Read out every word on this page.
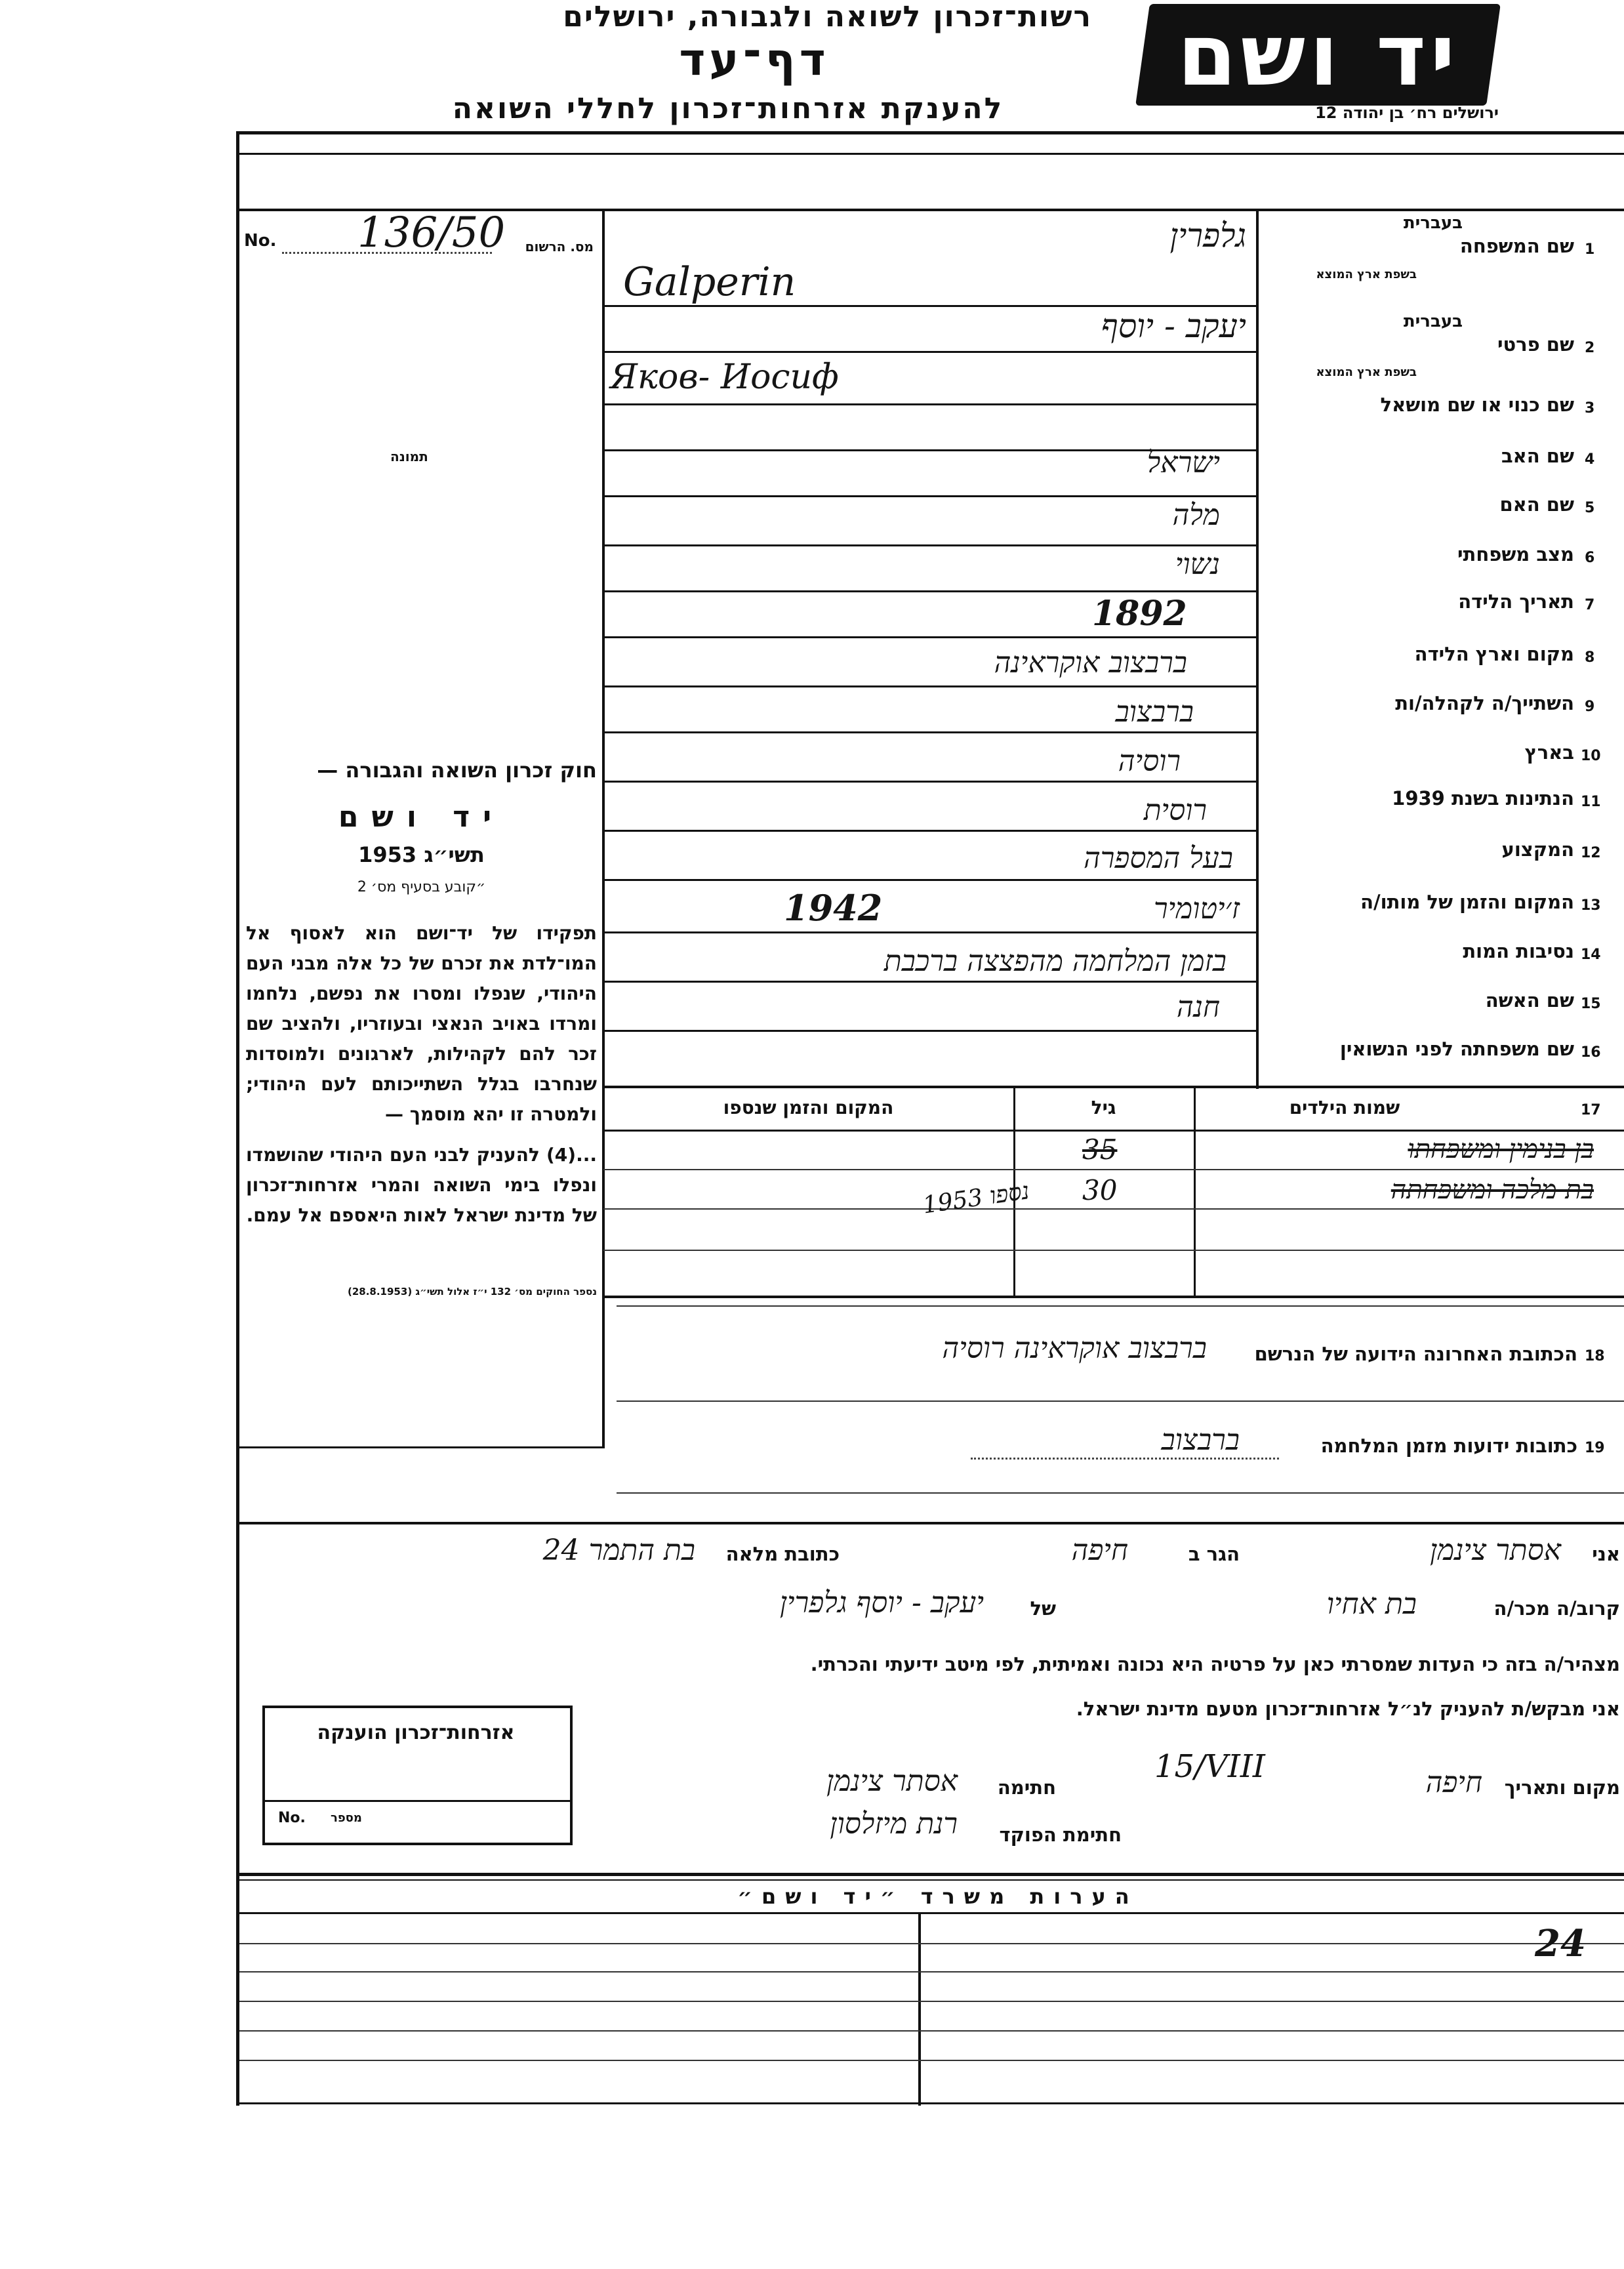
רשות־זכרון לשואה ולגבורה, ירושלים
דף־עד
להענקת אזרחות־זכרון לחללי השואה
יד ושם
ירושלים רח׳ בן יהודה 12
No. 136/50	מס. הרשום
תמונה
חוק זכרון השואה והגבורה —
יד ושם
תשי״ג 1953
״קובע בסעיף מס׳ 2
תפקידו של יד־ושם הוא לאסוף אל המו־לדת את זכרם של כל אלה מבני העם היהודי, שנפלו ומסרו את נפשם, נלחמו ומרדו באויב הנאצי ובעוזריו, ולהציב שם זכר להם לקהילות, לארגונים ולמוסדות שנחרבו בגלל השתייכותם לעם היהודי; ולמטרה זו יהא מוסמך —
...(4) להעניק לבני העם היהודי שהושמדו ונפלו בימי השואה והמרי אזרחות־זכרון של מדינת ישראל לאות היאספם אל עמם.
נספר החוקים מס׳ 132 י״ז אלול תשי״ג (28.8.1953)
1
שם המשפחה
בעברית
בשפת ארץ המוצא
2
שם פרטי
בעברית
בשפת ארץ המוצא
3
שם כנוי או שם מושאל
4
שם האב
5
שם האם
6
מצב משפחתי
7
תאריך הלידה
8
מקום וארץ הלידה
9
השתייך/ה לקהלה/ות
10
בארץ
11
הנתינות בשנת 1939
12
המקצוע
13
המקום והזמן של מותו/ה
14
נסיבות המות
15
שם האשה
16
שם משפחתה לפני הנשואין
גלפרין
Galperin
יעקב - יוסף
Яков- Иосиф
ישראל
מלה
נשוי
1892
ברבצוב אוקראינה
ברבצוב
רוסיה
רוסית
בעל המספרה
ז׳יטומיר
1942
בזמן המלחמה מהפצצה ברכבת
חנה
17
שמות הילדים
גיל
המקום והזמן שנספו
בן בנימין ומשפחתו
35
בת מלכה ומשפחתה
30
נספו 1953
18
הכתובת האחרונה הידועה של הנרשם
ברבצוב אוקראינה רוסיה
19
כתובות ידועות מזמן המלחמה
ברבצוב
אני
אסתר צינמן
הגר ב
חיפה
כתובת מלאה
בת התמר 24
קרוב/ה מכר/ה
בת אחיו
של
יעקב - יוסף גלפרין
מצהיר/ה בזה כי העדות שמסרתי כאן על פרטיה היא נכונה ואמיתית, לפי מיטב ידיעתי והכרתי.
אני מבקש/ת להעניק לנ״ל אזרחות־זכרון מטעם מדינת ישראל.
מקום ותאריך
חיפה
15/VIII
חתימה
אסתר צינמן
חתימת הפוקד
רנת מיזלסון
אזרחות־זכרון הוענקה
No. מספר
הערות משרד ״יד ושם״
24
